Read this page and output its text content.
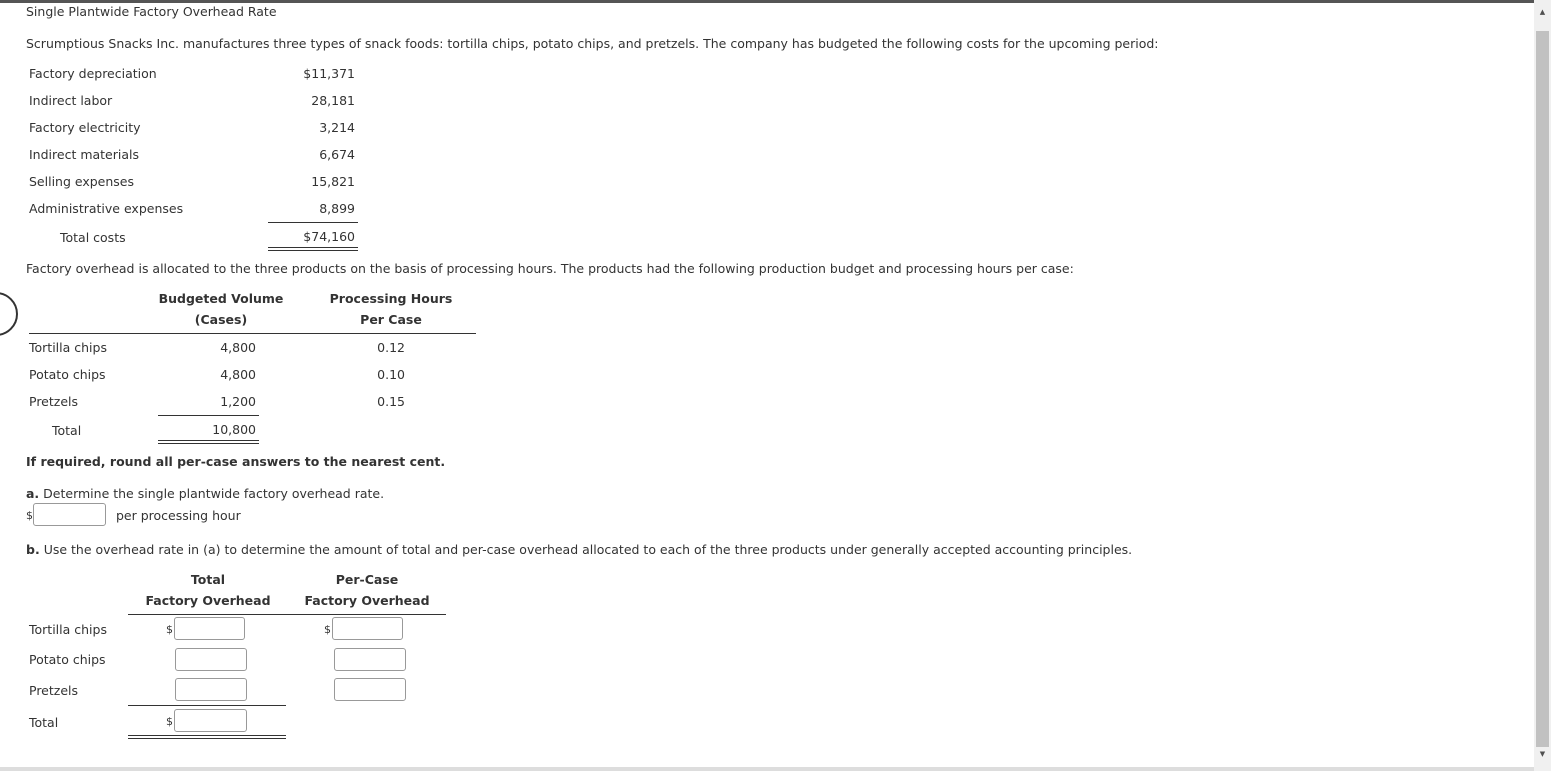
Single Plantwide Factory Overhead Rate
Scrumptious Snacks Inc. manufactures three types of snack foods: tortilla chips, potato chips, and pretzels. The company has budgeted the following costs for the upcoming period:
Factory depreciation	$11,371
Indirect labor	28,181
Factory electricity	3,214
Indirect materials	6,674
Selling expenses	15,821
Administrative expenses	8,899
Total costs	$74,160
Factory overhead is allocated to the three products on the basis of processing hours. The products had the following production budget and processing hours per case:
Budgeted Volume
(Cases)
Processing Hours
Per Case
Tortilla chips	4,800	0.12
Potato chips	4,800	0.10
Pretzels	1,200	0.15
Total	10,800
If required, round all per-case answers to the nearest cent.
a. Determine the single plantwide factory overhead rate.
$	per processing hour
b. Use the overhead rate in (a) to determine the amount of total and per-case overhead allocated to each of the three products under generally accepted accounting principles.
Total
Factory Overhead
Per-Case
Factory Overhead
Tortilla chips	$	$
Potato chips
Pretzels
Total	$
▲
▼
